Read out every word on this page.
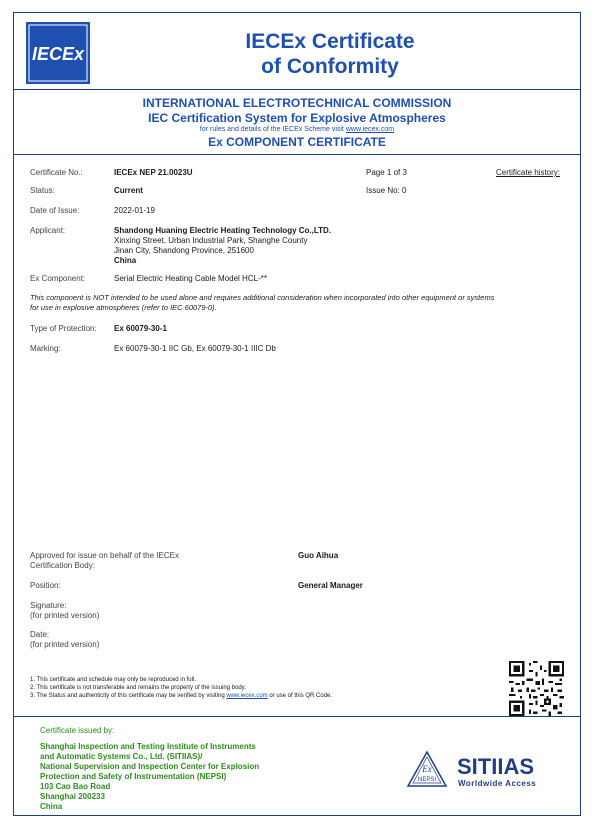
IECEx
IECEx Certificate
of Conformity
INTERNATIONAL ELECTROTECHNICAL COMMISSION
IEC Certification System for Explosive Atmospheres
for rules and details of the IECEx Scheme visit www.iecex.com
Ex COMPONENT CERTIFICATE
Certificate No.:	IECEx NEP 21.0023U	Page 1 of 3	Certificate history:
Status:	Current	Issue No: 0
Date of Issue:	2022-01-19
Applicant:	Shandong Huaning Electric Heating Technology Co.,LTD.
Xinxing Street, Urban Industrial Park, Shanghe County
Jinan City, Shandong Province, 251600
China
Ex Component:	Serial Electric Heating Cable Model HCL-**
This component is NOT intended to be used alone and requires additional consideration when incorporated into other equipment or systems
for use in explosive atmospheres (refer to IEC 60079-0).
Type of Protection: Ex 60079-30-1
Marking:	Ex 60079-30-1 IIC Gb, Ex 60079-30-1 IIIC Db
Approved for issue on behalf of the IECEx
Certification Body:
Guo Aihua
Position:	General Manager
Signature:
(for printed version)
Date:
(for printed version)
1. This certificate and schedule may only be reproduced in full.
2. This certificate is not transferable and remains the property of the issuing body.
3. The Status and authenticity of this certificate may be verified by visiting www.iecex.com or use of this QR Code.
Certificate issued by:
Shanghai Inspection and Testing Institute of Instruments
and Automatic Systems Co., Ltd. (SITIIAS)/
National Supervision and Inspection Center for Explosion
Protection and Safety of Instrumentation (NEPSI)
103 Cao Bao Road
Shanghai 200233
China
Ex
NEPSI
SITIIAS
Worldwide Access
